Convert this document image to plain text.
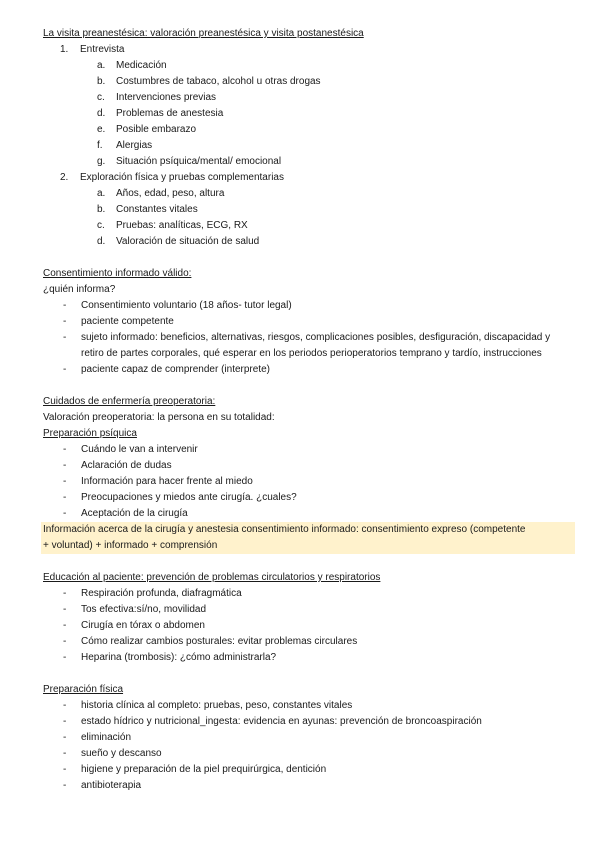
La visita preanestésica: valoración preanestésica y visita postanestésica
1. Entrevista
a. Medicación
b. Costumbres de tabaco, alcohol u otras drogas
c. Intervenciones previas
d. Problemas de anestesia
e. Posible embarazo
f. Alergias
g. Situación psíquica/mental/ emocional
2. Exploración física y pruebas complementarias
a. Años, edad, peso, altura
b. Constantes vitales
c. Pruebas: analíticas, ECG, RX
d. Valoración de situación de salud
Consentimiento informado válido:
¿quién informa?
- Consentimiento voluntario (18 años- tutor legal)
- paciente competente
- sujeto informado: beneficios, alternativas, riesgos, complicaciones posibles, desfiguración, discapacidad y retiro de partes corporales, qué esperar en los periodos perioperatorios temprano y tardío, instrucciones
- paciente capaz de comprender (interprete)
Cuidados de enfermería preoperatoria:
Valoración preoperatoria: la persona en su totalidad:
Preparación psíquica
- Cuándo le van a intervenir
- Aclaración de dudas
- Información para hacer frente al miedo
- Preocupaciones y miedos ante cirugía. ¿cuales?
- Aceptación de la cirugía
Información acerca de la cirugía y anestesia consentimiento informado: consentimiento expreso (competente
+ voluntad) + informado + comprensión
Educación al paciente: prevención de problemas circulatorios y respiratorios
- Respiración profunda, diafragmática
- Tos efectiva:sí/no, movilidad
- Cirugía en tórax o abdomen
- Cómo realizar cambios posturales: evitar problemas circulares
- Heparina (trombosis): ¿cómo administrarla?
Preparación física
- historia clínica al completo: pruebas, peso, constantes vitales
- estado hídrico y nutricional_ingesta: evidencia en ayunas: prevención de broncoaspiración
- eliminación
- sueño y descanso
- higiene y preparación de la piel prequirúrgica, dentición
- antibioterapia
